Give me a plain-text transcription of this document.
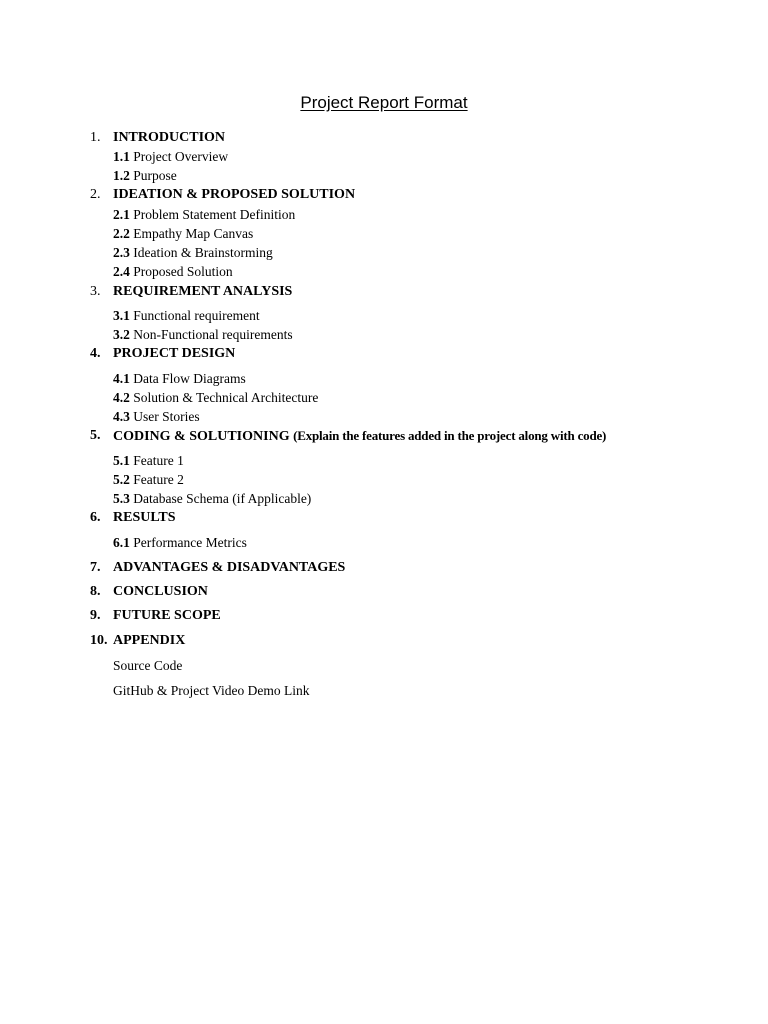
Project Report Format
1. INTRODUCTION
1.1 Project Overview
1.2 Purpose
2. IDEATION & PROPOSED SOLUTION
2.1 Problem Statement Definition
2.2 Empathy Map Canvas
2.3 Ideation & Brainstorming
2.4 Proposed Solution
3. REQUIREMENT ANALYSIS
3.1 Functional requirement
3.2 Non-Functional requirements
4. PROJECT DESIGN
4.1 Data Flow Diagrams
4.2 Solution & Technical Architecture
4.3 User Stories
5. CODING & SOLUTIONING (Explain the features added in the project along with code)
5.1 Feature 1
5.2 Feature 2
5.3 Database Schema (if Applicable)
6. RESULTS
6.1 Performance Metrics
7. ADVANTAGES & DISADVANTAGES
8. CONCLUSION
9. FUTURE SCOPE
10. APPENDIX
Source Code
GitHub & Project Video Demo Link
